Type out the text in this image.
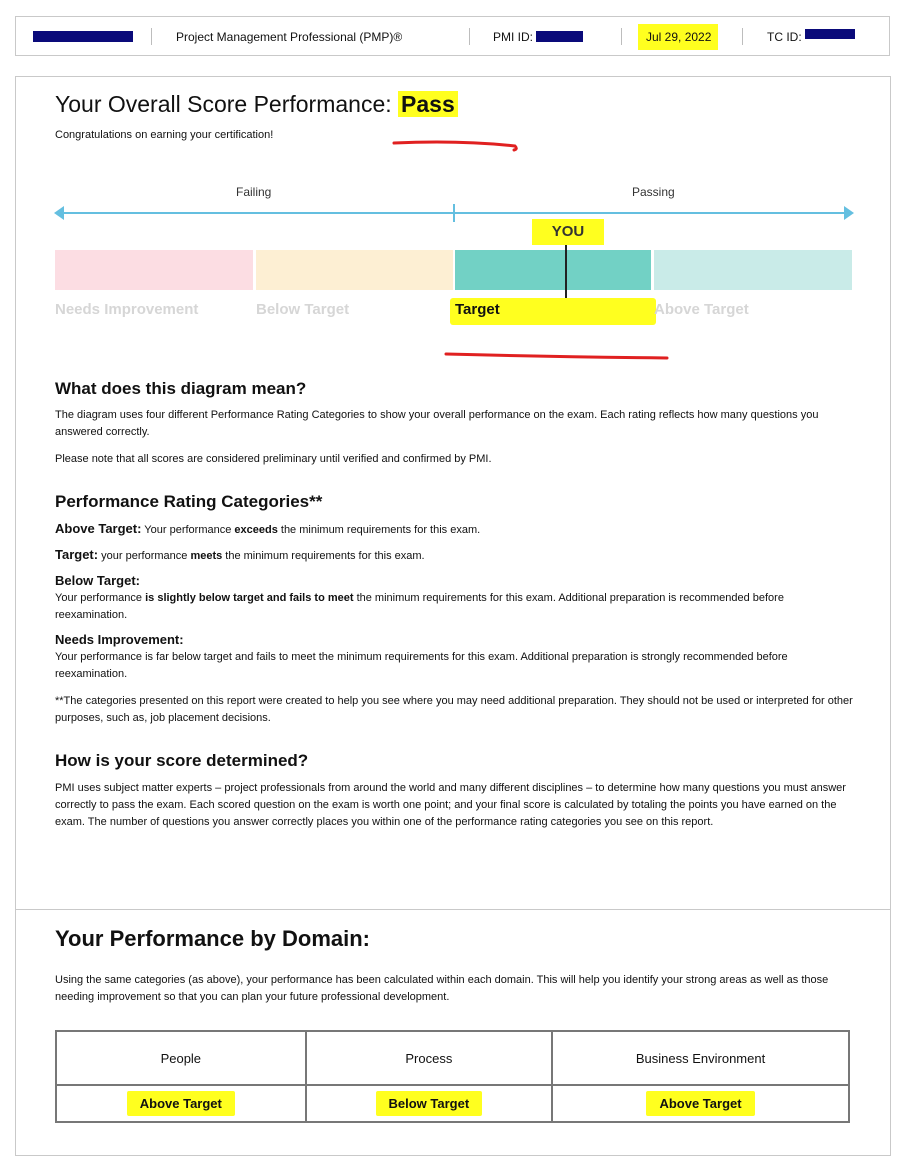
Project Management Professional (PMP)®	PMI ID:	Jul 29, 2022	TC ID:
Your Overall Score Performance: Pass
Congratulations on earning your certification!
Failing	Passing
YOU
Needs Improvement	Below Target	Target	Above Target
What does this diagram mean?

The diagram uses four different Performance Rating Categories to show your overall performance on the exam. Each rating reflects how many questions you answered correctly.

Please note that all scores are considered preliminary until verified and confirmed by PMI.

Performance Rating Categories**
Above Target: Your performance exceeds the minimum requirements for this exam.
Target: your performance meets the minimum requirements for this exam.
Below Target:
Your performance is slightly below target and fails to meet the minimum requirements for this exam. Additional preparation is recommended before reexamination.
Needs Improvement:
Your performance is far below target and fails to meet the minimum requirements for this exam. Additional preparation is strongly recommended before reexamination.
**The categories presented on this report were created to help you see where you may need additional preparation. They should not be used or interpreted for other purposes, such as, job placement decisions.
How is your score determined?
PMI uses subject matter experts – project professionals from around the world and many different disciplines – to determine how many questions you must answer correctly to pass the exam. Each scored question on the exam is worth one point; and your final score is calculated by totaling the points you have earned on the exam. The number of questions you answer correctly places you within one of the performance rating categories you see on this report.
Your Performance by Domain:
Using the same categories (as above), your performance has been calculated within each domain. This will help you identify your strong areas as well as those needing improvement so that you can plan your future professional development.
People	Process	Business Environment
Above Target	Below Target	Above Target
